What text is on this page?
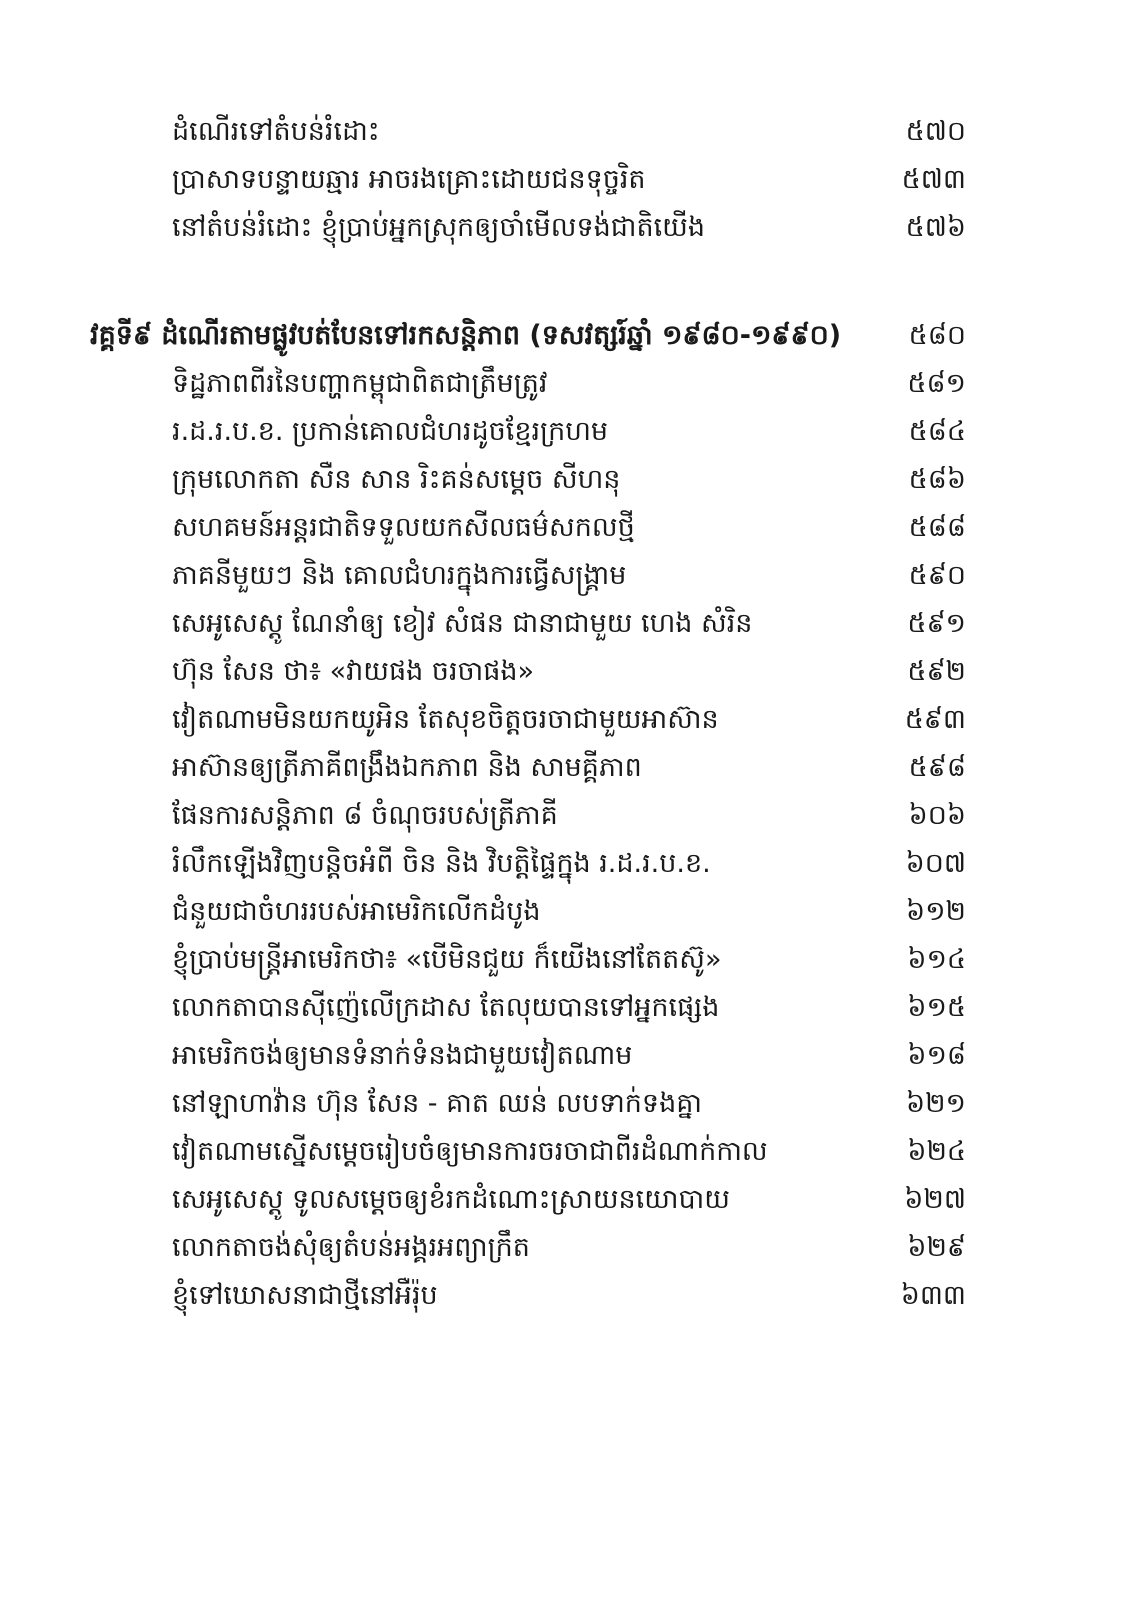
ដំណើរទៅតំបន់រំដោះ	៥៧០
ប្រាសាទបន្ទាយឆ្មារ អាចរងគ្រោះដោយជនទុច្ចរិត	៥៧៣
នៅតំបន់រំដោះ ខ្ញុំប្រាប់អ្នកស្រុកឲ្យចាំមើលទង់ជាតិយើង	៥៧៦
វគ្គទី៩ ដំណើរតាមផ្លូវបត់បែនទៅរកសន្តិភាព (ទសវត្សរ៍ឆ្នាំ ១៩៨០-១៩៩០)	៥៨០
ទិដ្ឋភាពពីរនៃបញ្ហាកម្ពុជាពិតជាត្រឹមត្រូវ	៥៨១
រ.ដ.រ.ប.ខ. ប្រកាន់គោលជំហរដូចខ្មែរក្រហម	៥៨៤
ក្រុមលោកតា សឺន សាន រិះគន់សម្ដេច សីហនុ	៥៨៦
សហគមន៍អន្តរជាតិទទួលយកសីលធម៌សកលថ្មី	៥៨៨
ភាគនីមួយៗ និង គោលជំហរក្នុងការធ្វើសង្គ្រាម	៥៩០
សេអូសេស្តូ ណែនាំឲ្យ ខៀវ សំផន ជានាជាមួយ ហេង សំរិន	៥៩១
ហ៊ុន សែន ថា៖ «វាយផង ចរចាផង»	៥៩២
វៀតណាមមិនយកយូអិន តែសុខចិត្តចរចាជាមួយអាស៊ាន	៥៩៣
អាស៊ានឲ្យត្រីភាគីពង្រឹងឯកភាព និង សាមគ្គីភាព	៥៩៨
ផែនការសន្តិភាព ៨ ចំណុចរបស់ត្រីភាគី	៦០៦
រំលឹកឡើងវិញបន្តិចអំពី ចិន និង វិបត្តិផ្ទៃក្នុង រ.ដ.រ.ប.ខ.	៦០៧
ជំនួយជាចំហររបស់អាមេរិកលើកដំបូង	៦១២
ខ្ញុំប្រាប់មន្ត្រីអាមេរិកថា៖ «បើមិនជួយ ក៏យើងនៅតែតស៊ូ»	៦១៤
លោកតាបានស៊ីញ៉េលើក្រដាស តែលុយបានទៅអ្នកផ្សេង	៦១៥
អាមេរិកចង់ឲ្យមានទំនាក់ទំនងជាមួយវៀតណាម	៦១៨
នៅឡាហាវ៉ាន ហ៊ុន សែន - គាត ឈន់ លបទាក់ទងគ្នា	៦២១
វៀតណាមស្នើសម្ដេចរៀបចំឲ្យមានការចរចាជាពីរដំណាក់កាល	៦២៤
សេអូសេស្តូ ទូលសម្ដេចឲ្យខំរកដំណោះស្រាយនយោបាយ	៦២៧
លោកតាចង់សុំឲ្យតំបន់អង្គរអព្យាក្រឹត	៦២៩
ខ្ញុំទៅឃោសនាជាថ្មីនៅអឺរ៉ុប	៦៣៣
